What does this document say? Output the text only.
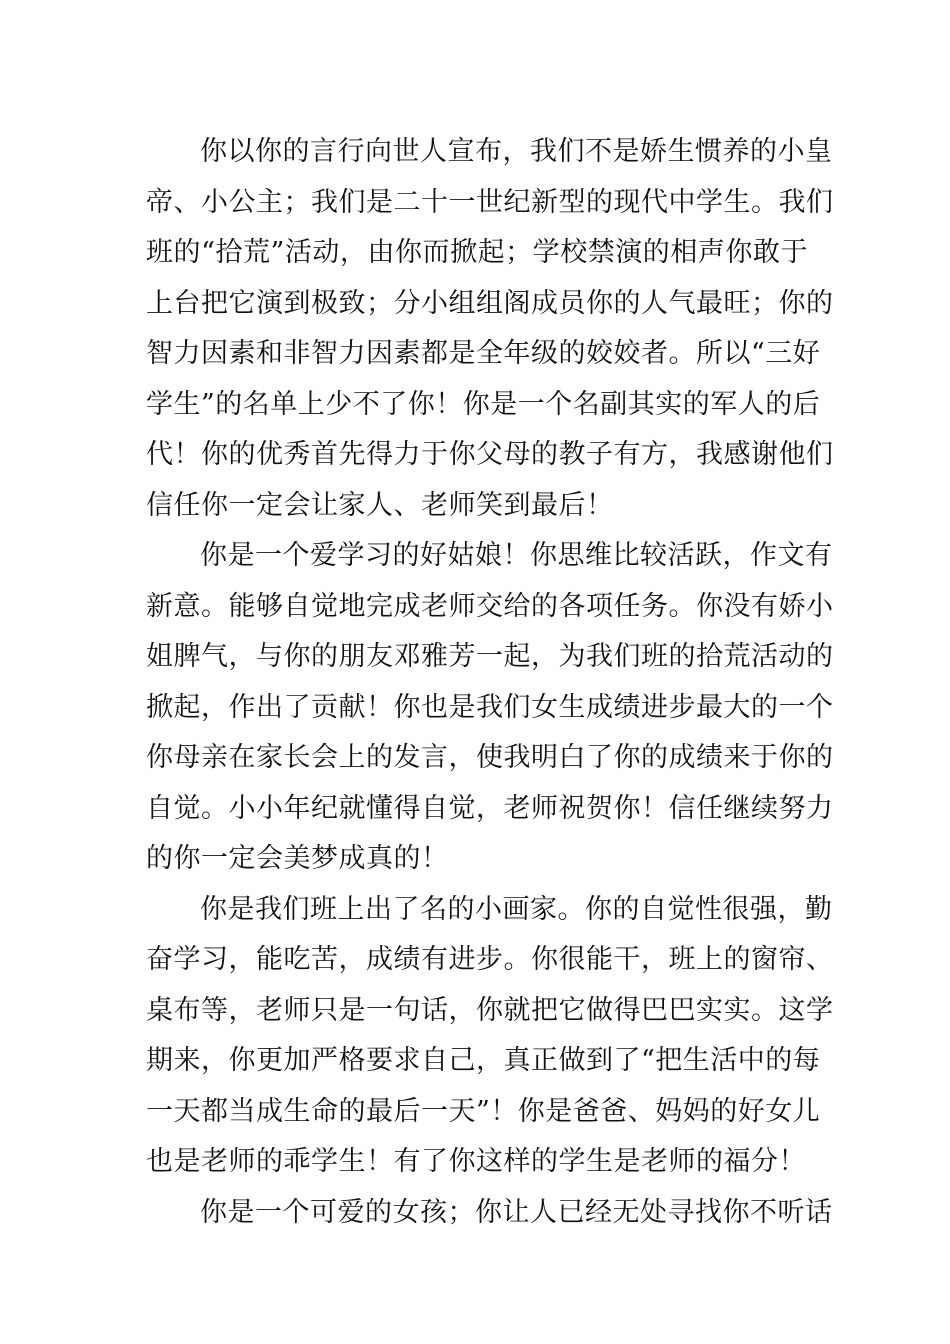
你以你的言行向世人宣布，我们不是娇生惯养的小皇
帝、小公主；我们是二十一世纪新型的现代中学生。我们
班的“拾荒”活动，由你而掀起；学校禁演的相声你敢于
上台把它演到极致；分小组组阁成员你的人气最旺；你的
智力因素和非智力因素都是全年级的姣姣者。所以“三好
学生”的名单上少不了你！你是一个名副其实的军人的后
代！你的优秀首先得力于你父母的教子有方，我感谢他们
信任你一定会让家人、老师笑到最后！
你是一个爱学习的好姑娘！你思维比较活跃，作文有
新意。能够自觉地完成老师交给的各项任务。你没有娇小
姐脾气，与你的朋友邓雅芳一起，为我们班的拾荒活动的
掀起，作出了贡献！你也是我们女生成绩进步最大的一个
你母亲在家长会上的发言，使我明白了你的成绩来于你的
自觉。小小年纪就懂得自觉，老师祝贺你！信任继续努力
的你一定会美梦成真的！
你是我们班上出了名的小画家。你的自觉性很强，勤
奋学习，能吃苦，成绩有进步。你很能干，班上的窗帘、
桌布等，老师只是一句话，你就把它做得巴巴实实。这学
期来，你更加严格要求自己，真正做到了“把生活中的每
一天都当成生命的最后一天”！你是爸爸、妈妈的好女儿
也是老师的乖学生！有了你这样的学生是老师的福分！
你是一个可爱的女孩；你让人已经无处寻找你不听话
